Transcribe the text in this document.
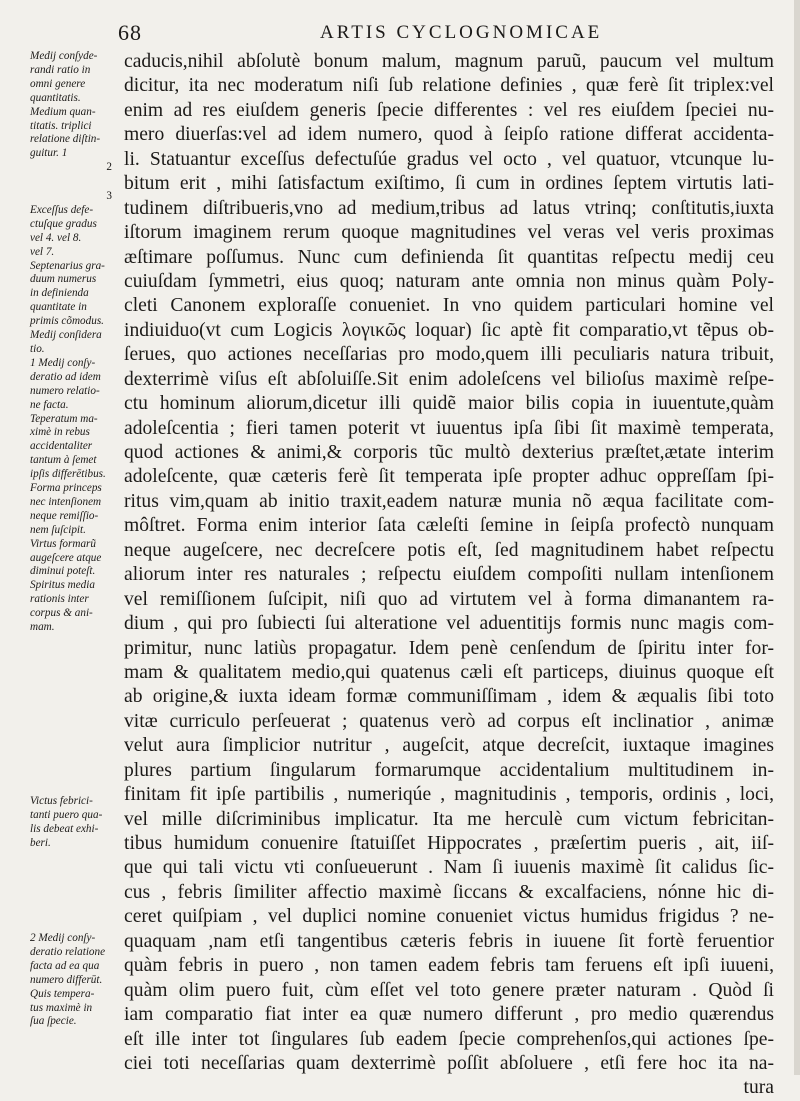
68	ARTIS CYCLOGNOMICAE
Medij conſyde-
randi ratio in
omni genere
quantitatis.
Medium quan-
titatis. triplici
relatione diſtin-
guitur. 1
2
3
Exceſſus defe-
ctuſque gradus
vel 4. vel 8.
vel 7.
Septenarius gra-
duum numerus
in definienda
quantitate in
primis cõmodus.
Medij conſidera
tio.
1 Medij conſy-
deratio ad idem
numero relatio-
ne facta.
Teperatum ma-
ximè in rebus
accidentaliter
tantum à ſemet
ipſis differētibus.
Forma princeps
nec intenſionem
neque remiſſio-
nem ſuſcipit.
Virtus formarũ
augeſcere atque
diminui poteſt.
Spiritus media
rationis inter
corpus & ani-
mam.
Victus febrici-
tanti puero qua-
lis debeat exhi-
beri.
2 Medij conſy-
deratio relatione
facta ad ea qua
numero differūt.
Quis tempera-
tus maximè in
ſua ſpecie.
caducis,nihil abſolutè bonum malum, magnum paruũ, paucum vel multum
dicitur, ita nec moderatum niſi ſub relatione definies , quæ ferè ſit triplex:vel
enim ad res eiuſdem generis ſpecie differentes : vel res eiuſdem ſpeciei nu-
mero diuerſas:vel ad idem numero, quod à ſeipſo ratione differat accidenta-
li. Statuantur exceſſus defectuſúe gradus vel octo , vel quatuor, vtcunque lu-
bitum erit , mihi ſatisfactum exiſtimo, ſi cum in ordines ſeptem virtutis lati-
tudinem diſtribueris,vno ad medium,tribus ad latus vtrinq; conſtitutis,iuxta
iſtorum imaginem rerum quoque magnitudines vel veras vel veris proximas
æſtimare poſſumus. Nunc cum definienda ſit quantitas reſpectu medij ceu
cuiuſdam ſymmetri, eius quoq; naturam ante omnia non minus quàm Poly-
cleti Canonem exploraſſe conueniet. In vno quidem particulari homine vel
indiuiduo(vt cum Logicis λογικῶς loquar) ſic aptè fit comparatio,vt tẽpus ob-
ſerues, quo actiones neceſſarias pro modo,quem illi peculiaris natura tribuit,
dexterrimè viſus eſt abſoluiſſe.Sit enim adoleſcens vel bilioſus maximè reſpe-
ctu hominum aliorum,dicetur illi quidẽ maior bilis copia in iuuentute,quàm
adoleſcentia ; fieri tamen poterit vt iuuentus ipſa ſibi ſit maximè temperata,
quod actiones & animi,& corporis tũc multò dexterius præſtet,ætate interim
adoleſcente, quæ cæteris ferè ſit temperata ipſe propter adhuc oppreſſam ſpi-
ritus vim,quam ab initio traxit,eadem naturæ munia nõ æqua facilitate com-
môſtret. Forma enim interior ſata cæleſti ſemine in ſeipſa profectò nunquam
neque augeſcere, nec decreſcere potis eſt, ſed magnitudinem habet reſpectu
aliorum inter res naturales ; reſpectu eiuſdem compoſiti nullam intenſionem
vel remiſſionem ſuſcipit, niſi quo ad virtutem vel à forma dimanantem ra-
dium , qui pro ſubiecti ſui alteratione vel aduentitijs formis nunc magis com-
primitur, nunc latiùs propagatur. Idem penè cenſendum de ſpiritu inter for-
mam & qualitatem medio,qui quatenus cæli eſt particeps, diuinus quoque eſt
ab origine,& iuxta ideam formæ communiſſimam , idem & æqualis ſibi toto
vitæ curriculo perſeuerat ; quatenus verò ad corpus eſt inclinatior , animæ
velut aura ſimplicior nutritur , augeſcit, atque decreſcit, iuxtaque imagines
plures partium ſingularum formarumque accidentalium multitudinem in-
finitam fit ipſe partibilis , numeriqúe , magnitudinis , temporis, ordinis , loci,
vel mille diſcriminibus implicatur. Ita me herculè cum victum febricitan-
tibus humidum conuenire ſtatuiſſet Hippocrates , præſertim pueris , ait, iiſ-
que qui tali victu vti conſueuerunt . Nam ſi iuuenis maximè ſit calidus ſic-
cus , febris ſimiliter affectio maximè ſiccans & excalfaciens, nónne hic di-
ceret quiſpiam , vel duplici nomine conueniet victus humidus frigidus ? ne-
quaquam ,nam etſi tangentibus cæteris febris in iuuene ſit fortè feruentior
quàm febris in puero , non tamen eadem febris tam feruens eſt ipſi iuueni,
quàm olim puero fuit, cùm eſſet vel toto genere præter naturam . Quòd ſi
iam comparatio fiat inter ea quæ numero differunt , pro medio quærendus
eſt ille inter tot ſingulares ſub eadem ſpecie comprehenſos,qui actiones ſpe-
ciei toti neceſſarias quam dexterrimè poſſit abſoluere , etſi fere hoc ita na-
tura
